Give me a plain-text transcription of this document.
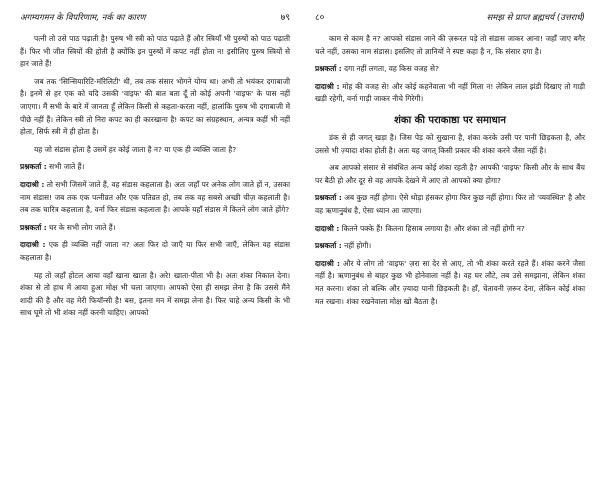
अगम्यगमन के विपरिणाम, नर्क का कारण	७९

पत्नी तो उसे पाठ पढ़ाती है! पुरुष भी स्त्री को पाठ पढ़ाते हैं और स्त्रियाँ भी पुरुषों को पाठ पढ़ाती हैं। फिर भी जीत स्त्रियों की होती है क्योंकि इन पुरुषों में कपट नहीं होता न! इसीलिए पुरुष स्त्रियों से हार जाते हैं!

जब तक 'सिन्सियारिटि-मॉरेलिटी' थी, तब तक संसार भोगने योग्य था। अभी तो भयंकर दगाबाजी है। इनमें से हर एक को यदि उसकी 'वाइफ' की बात बता दूँ तो कोई अपनी 'वाइफ' के पास नहीं जाएगा। मैं सभी के बारे में जानता हूँ लेकिन किसी से कहता-करता नहीं, हालांकि पुरुष भी दगाबाजी में पीछे नहीं हैं। लेकिन स्त्री तो निरा कपट का ही कारखाना है! कपट का संग्रहस्थान, अन्यत्र कहीं भी नहीं होता, सिर्फ स्त्री में ही होता है।

यह जो संडास होता है उसमें हर कोई जाता है न? या एक ही व्यक्ति जाता है?

प्रश्नकर्ता : सभी जाते हैं।

दादाश्री : तो सभी जिसमें जाते हैं, वह संडास कहलाता है। अतः जहाँ पर अनेक लोग जाते हों न, उसका नाम संडास! जब तक एक पत्नीव्रत और एक पतिव्रत हो, तब तक वह सबसे अच्छी चीज़ कहलाती है। तब तक चारित्र कहलाता है, वर्ना फिर संडास कहलाता है। आपके यहाँ संडास में कितने लोग जाते होंगे?

प्रश्नकर्ता : घर के सभी लोग जाते हैं।

दादाश्री : एक ही व्यक्ति नहीं जाता न? अतः फिर दो जाएँ या फिर सभी जाएँ, लेकिन वह संडास कहलाता है।

यह तो जहाँ होटल आया वहाँ खाना खाता है। अरे! खाता-पीता भी है। अतः शंका निकाल देना। शंका से तो हाथ में आया हुआ मोक्ष भी चला जाएगा। आपको ऐसा ही समझ लेना है कि उससे मैंने शादी की है और वह मेरी फियॉन्सी है! बस, इतना मन में समझ लेना है। फिर चाहे अन्य किसी के भी साथ घूमे तो भी शंका नहीं करनी चाहिए। आपको

८०	समझ से प्राप्त ब्रह्मचर्य (उत्तरार्ध)

काम से काम है न? आपको संडास जाने की ज़रूरत पड़े तो संडास जाकर आना! जहाँ जाए बगैर चले नहीं, उसका नाम संडास। इसलिए तो ज्ञानियों ने स्पष्ट कहा है न, कि संसार दगा है।

प्रश्नकर्ता : दगा नहीं लगता, वह किस वजह से?

दादाश्री : मोह की वजह से! और कोई कहनेवाला भी नहीं मिला न! लेकिन लाल झंडी दिखाए तो गाड़ी खड़ी रहेगी, वर्ना गाड़ी जाकर नीचे गिरेगी।

शंका की पराकाष्ठा पर समाधान

डंक से ही जगत् खड़ा है। जिस पेड़ को सुखाना है, शंका करके उसी पर पानी छिड़कता है, और उससे भी ज़्यादा शंका होती है। अतः यह जगत् किसी प्रकार की शंका करने जैसा नहीं है।

अब आपको संसार से संबंधित अन्य कोई शंका रहती है? आपकी 'वाइफ' किसी और के साथ बैंच पर बैठी हो और दूर से वह आपके देखने में आए तो आपको क्या होगा?

प्रश्नकर्ता : अब कुछ नहीं होगा। ऐसे थोड़ा हंसकर होगा फिर कुछ नहीं होगा। फिर तो 'व्यवस्थित' है और वह ऋणानुबंध है, ऐसा ध्यान आ जाएगा।

दादाश्री : कितने पक्के हैं! कितना हिसाब लगाया है! और शंका तो नहीं होगी न?

प्रश्नकर्ता : नहीं होगी।

दादाश्री : और ये लोग तो 'वाइफ' ज़रा सा देर से आए, तो भी शंका करते रहते हैं। शंका करने जैसा नहीं है। ऋणानुबंध से बाहर कुछ भी होनेवाला नहीं है। वह घर लौटे, तब उसे समझाना, लेकिन शंका मत करना। शंका तो बल्कि और ज़्यादा पानी छिड़कती है। हाँ, चेतावनी ज़रूर देना, लेकिन कोई शंका मत रखना। शंका रखनेवाला मोक्ष खो बैठता है।
